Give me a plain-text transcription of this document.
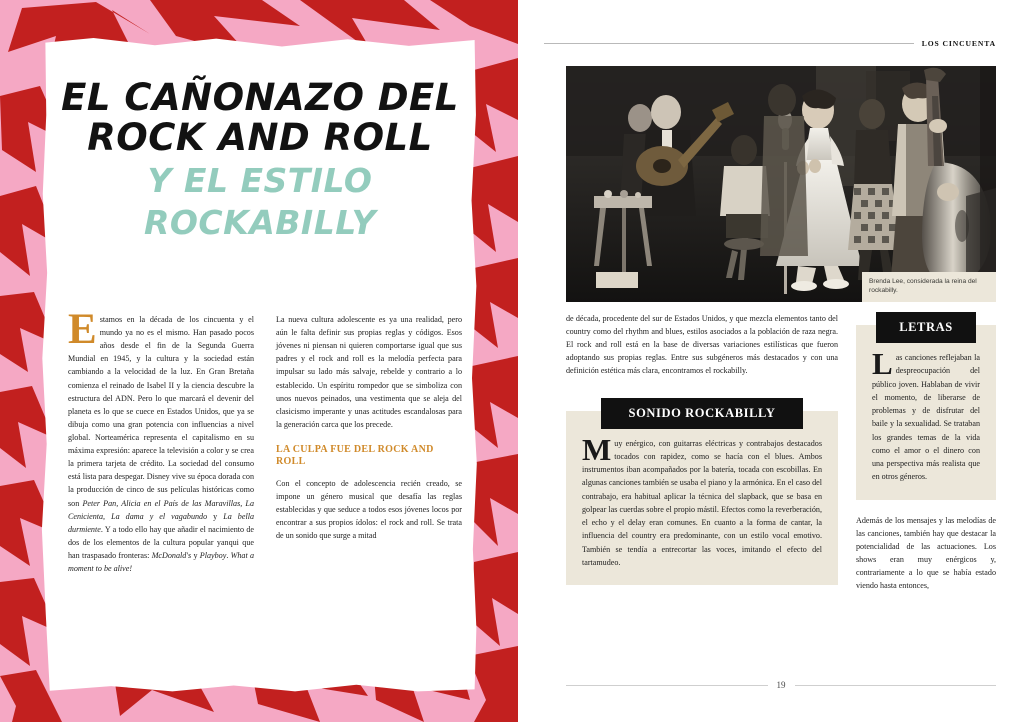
EL CAÑONAZO DEL
ROCK AND ROLL
Y EL ESTILO
ROCKABILLY

Estamos en la década de los cincuenta y el mundo ya no es el mismo. Han pasado pocos años desde el fin de la Segunda Guerra Mundial en 1945, y la cultura y la sociedad están cambiando a la velocidad de la luz. En Gran Bretaña comienza el reinado de Isabel II y la ciencia descubre la estructura del ADN. Pero lo que marcará el devenir del planeta es lo que se cuece en Estados Unidos, que ya se dibuja como una gran potencia con influencias a nivel global. Norteamérica representa el capitalismo en su máxima expresión: aparece la televisión a color y se crea la primera tarjeta de crédito. La sociedad del consumo está lista para despegar. Disney vive su época dorada con la producción de cinco de sus películas históricas como son Peter Pan, Alicia en el País de las Maravillas, La Cenicienta, La dama y el vagabundo y La bella durmiente. Y a todo ello hay que añadir el nacimiento de dos de los elementos de la cultura popular yanqui que han traspasado fronteras: McDonald's y Playboy. What a moment to be alive!

La nueva cultura adolescente es ya una realidad, pero aún le falta definir sus propias reglas y códigos. Esos jóvenes ni piensan ni quieren comportarse igual que sus padres y el rock and roll es la melodía perfecta para impulsar su lado más salvaje, rebelde y contrario a lo establecido. Un espíritu rompedor que se simboliza con unos nuevos peinados, una vestimenta que se aleja del clasicismo imperante y unas actitudes escandalosas para la generación carca que los precede.

LA CULPA FUE DEL ROCK AND ROLL

Con el concepto de adolescencia recién creado, se impone un género musical que desafía las reglas establecidas y que seduce a todos esos jóvenes locos por encontrar a sus propios ídolos: el rock and roll. Se trata de un sonido que surge a mitad

LOS CINCUENTA
Brenda Lee, considerada la reina del rockabilly.

de década, procedente del sur de Estados Unidos, y que mezcla elementos tanto del country como del rhythm and blues, estilos asociados a la población de raza negra. El rock and roll está en la base de diversas variaciones estilísticas que fueron adoptando sus propias reglas. Entre sus subgéneros más destacados y con una definición estética más clara, encontramos el rockabilly.

SONIDO ROCKABILLY

Muy enérgico, con guitarras eléctricas y contrabajos destacados tocados con rapidez, como se hacía con el blues. Ambos instrumentos iban acompañados por la batería, tocada con escobillas. En algunas canciones también se usaba el piano y la armónica. En el caso del contrabajo, era habitual aplicar la técnica del slapback, que se basa en golpear las cuerdas sobre el propio mástil. Efectos como la reverberación, el echo y el delay eran comunes. En cuanto a la forma de cantar, la influencia del country era predominante, con un estilo vocal emotivo. También se tendía a entrecortar las voces, imitando el efecto del tartamudeo.

LETRAS

Las canciones reflejaban la despreocupación del público joven. Hablaban de vivir el momento, de liberarse de problemas y de disfrutar del baile y la sexualidad. Se trataban los grandes temas de la vida como el amor o el dinero con una perspectiva más realista que en otros géneros.

Además de los mensajes y las melodías de las canciones, también hay que destacar la potencialidad de las actuaciones. Los shows eran muy enérgicos y, contrariamente a lo que se había estado viendo hasta entonces,

19
